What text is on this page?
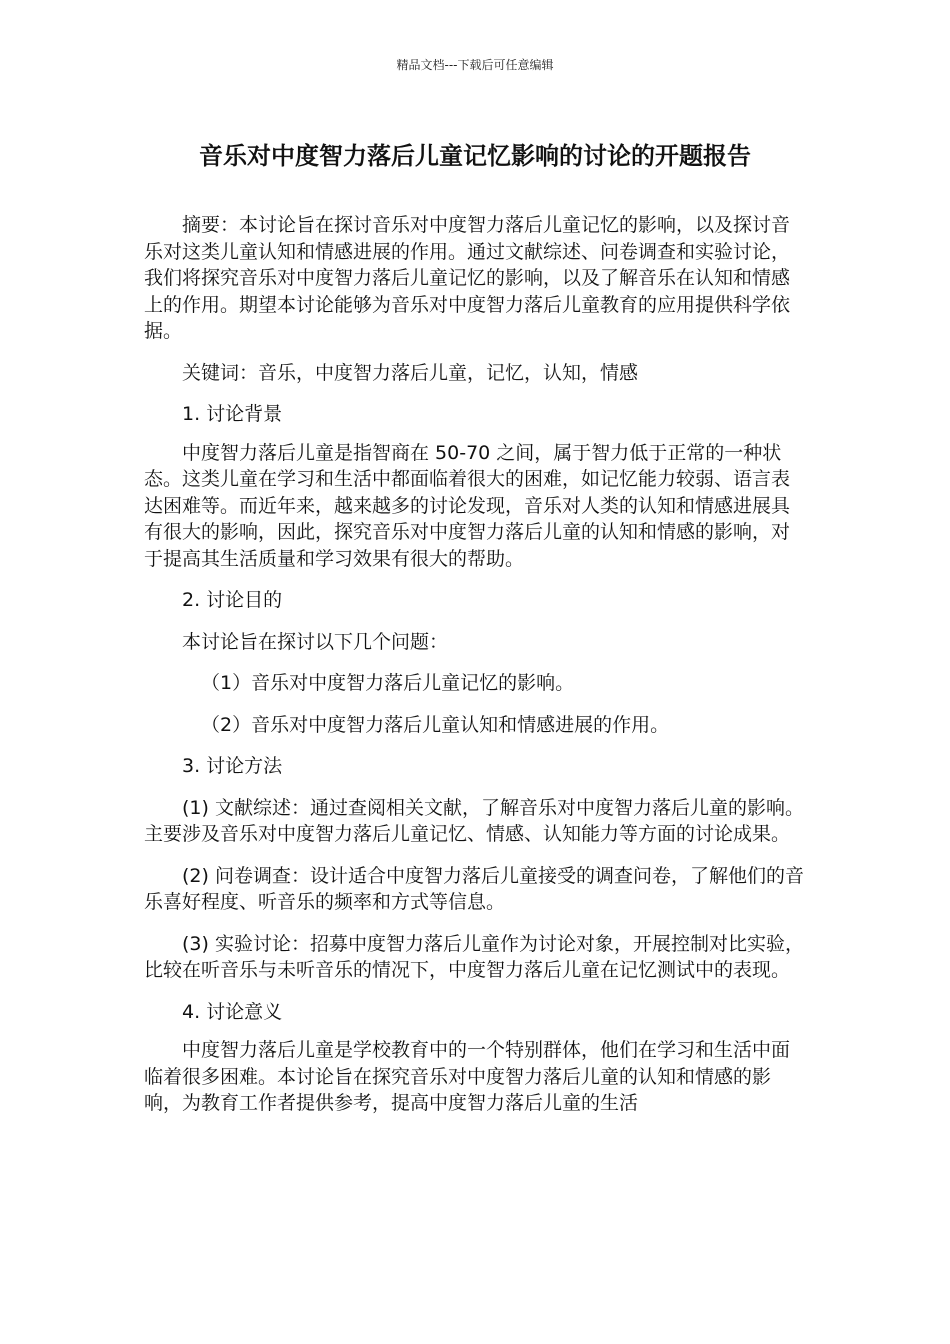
精品文档---下载后可任意编辑
音乐对中度智力落后儿童记忆影响的讨论的开题报告

摘要：本讨论旨在探讨音乐对中度智力落后儿童记忆的影响，以及探讨音乐对这类儿童认知和情感进展的作用。通过文献综述、问卷调查和实验讨论，我们将探究音乐对中度智力落后儿童记忆的影响，以及了解音乐在认知和情感上的作用。期望本讨论能够为音乐对中度智力落后儿童教育的应用提供科学依据。

关键词：音乐，中度智力落后儿童，记忆，认知，情感

1. 讨论背景

中度智力落后儿童是指智商在 50-70 之间，属于智力低于正常的一种状态。这类儿童在学习和生活中都面临着很大的困难，如记忆能力较弱、语言表达困难等。而近年来，越来越多的讨论发现，音乐对人类的认知和情感进展具有很大的影响，因此，探究音乐对中度智力落后儿童的认知和情感的影响，对于提高其生活质量和学习效果有很大的帮助。

2. 讨论目的

本讨论旨在探讨以下几个问题：

（1）音乐对中度智力落后儿童记忆的影响。

（2）音乐对中度智力落后儿童认知和情感进展的作用。

3. 讨论方法

(1) 文献综述：通过查阅相关文献，了解音乐对中度智力落后儿童的影响。主要涉及音乐对中度智力落后儿童记忆、情感、认知能力等方面的讨论成果。

(2) 问卷调查：设计适合中度智力落后儿童接受的调查问卷，了解他们的音乐喜好程度、听音乐的频率和方式等信息。

(3) 实验讨论：招募中度智力落后儿童作为讨论对象，开展控制对比实验，比较在听音乐与未听音乐的情况下，中度智力落后儿童在记忆测试中的表现。

4. 讨论意义

中度智力落后儿童是学校教育中的一个特别群体，他们在学习和生活中面临着很多困难。本讨论旨在探究音乐对中度智力落后儿童的认知和情感的影响，为教育工作者提供参考，提高中度智力落后儿童的生活
